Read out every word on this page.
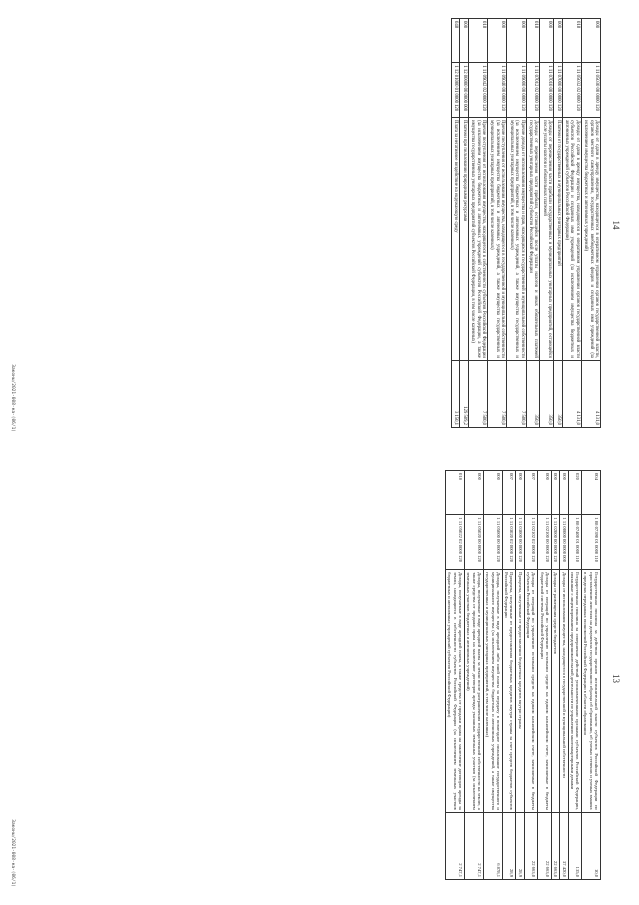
14
000	1 11 05030 00 0000 120	Доходы от сдачи в аренду имущества, находящегося в оперативном управлении органов государственной власти, органов местного самоуправления, государственных внебюджетных фондов и созданных ими учреждений (за исключением имущества бюджетных и автономных учреждений)	4 131,0
018	1 11 05032 02 0000 120	Доходы от сдачи в аренду имущества, находящегося в оперативном управлении органов государственной власти субъектов Российской Федерации и созданных ими учреждений (за исключением имущества бюджетных и автономных учреждений субъектов Российской Федерации)	4 131,0
000	1 11 07000 00 0000 120	Платежи от государственных и муниципальных унитарных предприятий	350,0
000	1 11 07010 00 0000 120	Доходы от перечисления части прибыли государственных и муниципальных унитарных предприятий, остающейся после уплаты налогов и обязательных платежей	350,0
018	1 11 07012 02 0000 120	Доходы от перечисления части прибыли, остающейся после уплаты налогов и иных обязательных платежей государственных унитарных предприятий субъектов Российской Федерации	350,0
000	1 11 09000 00 0000 120	Прочие доходы от использования имущества и прав, находящихся в государственной и муниципальной собственности (за исключением имущества бюджетных и автономных учреждений, а также имущества государственных и муниципальных унитарных предприятий, в том числе казенных)	7 500,0
000	1 11 09040 00 0000 120	Прочие поступления от использования имущества, находящегося в государственной и муниципальной собственности (за исключением имущества бюджетных и автономных учреждений, а также имущества государственных и муниципальных унитарных предприятий, в том числе казенных)	7 500,0
018	1 11 09042 02 0000 120	Прочие поступления от использования имущества, находящегося в собственности субъектов Российской Федерации (за исключением имущества бюджетных и автономных учреждений субъектов Российской Федерации, а также имущества государственных унитарных предприятий субъектов Российской Федерации, в том числе казенных)	7 500,0
000	1 12 00000 00 0000 000	Платежи при пользовании природными ресурсами	129 509,2
048	1 12 01000 01 0000 120	Плата за негативное воздействие на окружающую среду	3 150,1
Законы/2021-008-на-(06/1)
13
004	1 08 07390 01 0000 110	Государственная пошлина за действия органов исполнительной власти субъектов Российской Федерации по проставлению апостиля на документах государственного образца об образовании, об ученых степенях и ученых званиях в пределах переданных полномочий Российской Федерации в области образования	10,0
020	1 08 07400 01 0000 110	Государственная пошлина за совершение действий уполномоченными органами субъектов Российской Федерации, связанные с лицензированием предпринимательской деятельности по управлению многоквартирными домами	135,0
000	1 11 00000 00 0000 000	Доходы от использования имущества, находящегося в государственной и муниципальной собственности	37 420,0
000	1 11 02000 00 0000 120	Доходы от размещения средств бюджетов	22 663,0
000	1 11 02100 00 0000 120	Доходы от операций по управлению остатками средств на едином казначейском счете, зачисляемые в бюджеты бюджетной системы Российской Федерации	22 663,0
007	1 11 02102 02 0000 120	Доходы от операций по управлению остатками средств на едином казначейском счете, зачисляемые в бюджеты субъектов Российской Федерации	22 663,0
000	1 11 03000 00 0000 120	Проценты, полученные от предоставления бюджетных кредитов внутри страны	28,9
007	1 11 03020 02 0000 120	Проценты, полученные от предоставления бюджетных кредитов внутри страны за счет средств бюджетов субъектов Российской Федерации	28,9
000	1 11 05000 00 0000 120	Доходы, получаемые в виде арендной либо иной платы за передачу в возмездное пользование государственного и муниципального имущества (за исключением имущества бюджетных и автономных учреждений, а также имущества государственных и муниципальных унитарных предприятий, в том числе казенных)	6 878,1
000	1 11 05020 00 0000 120	Доходы, получаемые в виде арендной платы за земли после разграничения государственной собственности на землю, а также средства от продажи права на заключение договоров аренды указанных земельных участков (за исключением земельных участков бюджетных и автономных учреждений)	2 747,1
018	1 11 05022 02 0000 120	Доходы, получаемые в виде арендной платы, а также средства от продажи права на заключение договоров аренды за земли, находящиеся в собственности субъектов Российской Федерации (за исключением земельных участков бюджетных и автономных учреждений субъектов Российской Федерации)	2 747,1
Законы/2021-008-на-(06/1)
